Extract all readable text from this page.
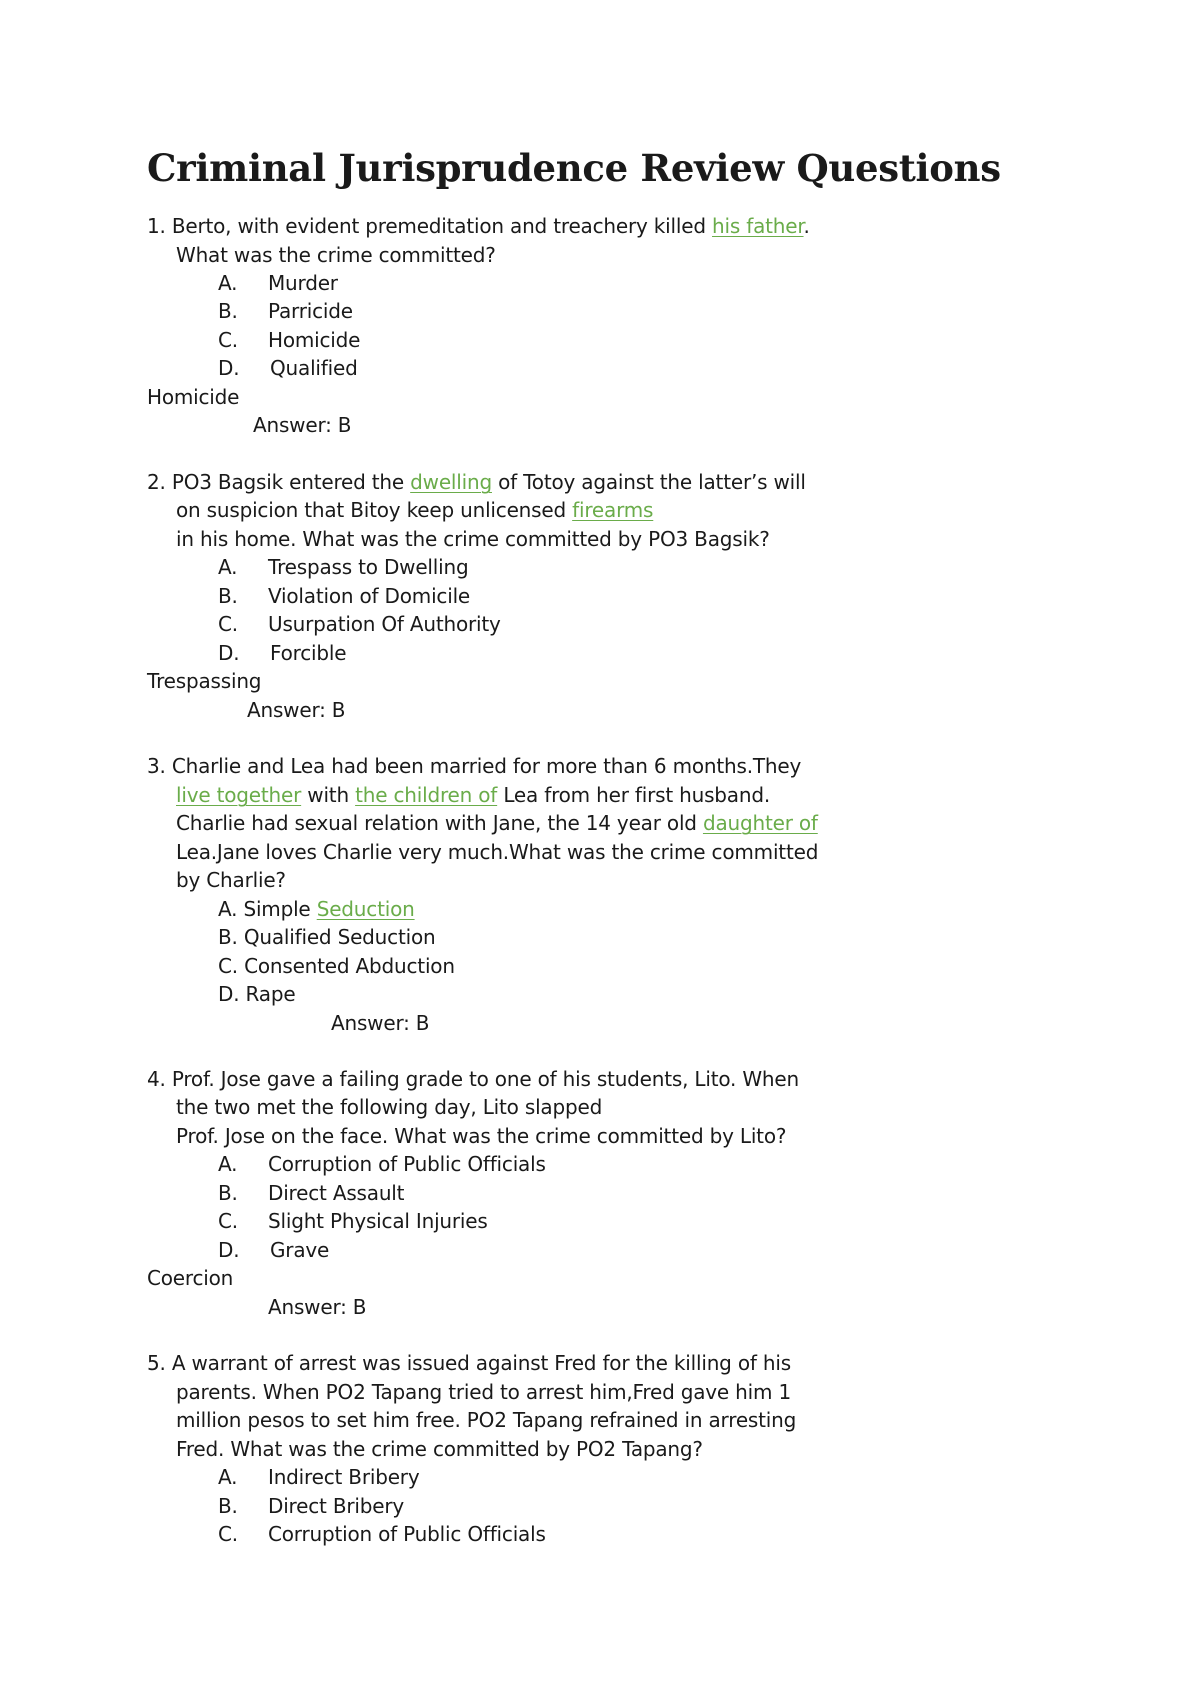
Criminal Jurisprudence Review Questions
1. Berto, with evident premeditation and treachery killed his father.
What was the crime committed?
A. Murder
B. Parricide
C. Homicide
D. Qualified
Homicide
Answer: B
2. PO3 Bagsik entered the dwelling of Totoy against the latter’s will
on suspicion that Bitoy keep unlicensed firearms
in his home. What was the crime committed by PO3 Bagsik?
A. Trespass to Dwelling
B. Violation of Domicile
C. Usurpation Of Authority
D. Forcible
Trespassing
Answer: B
3. Charlie and Lea had been married for more than 6 months.They
live together with the children of Lea from her first husband.
Charlie had sexual relation with Jane, the 14 year old daughter of
Lea.Jane loves Charlie very much.What was the crime committed
by Charlie?
A. Simple Seduction
B. Qualified Seduction
C. Consented Abduction
D. Rape
Answer: B
4. Prof. Jose gave a failing grade to one of his students, Lito. When
the two met the following day, Lito slapped
Prof. Jose on the face. What was the crime committed by Lito?
A. Corruption of Public Officials
B. Direct Assault
C. Slight Physical Injuries
D. Grave
Coercion
Answer: B
5. A warrant of arrest was issued against Fred for the killing of his
parents. When PO2 Tapang tried to arrest him,Fred gave him 1
million pesos to set him free. PO2 Tapang refrained in arresting
Fred. What was the crime committed by PO2 Tapang?
A. Indirect Bribery
B. Direct Bribery
C. Corruption of Public Officials
